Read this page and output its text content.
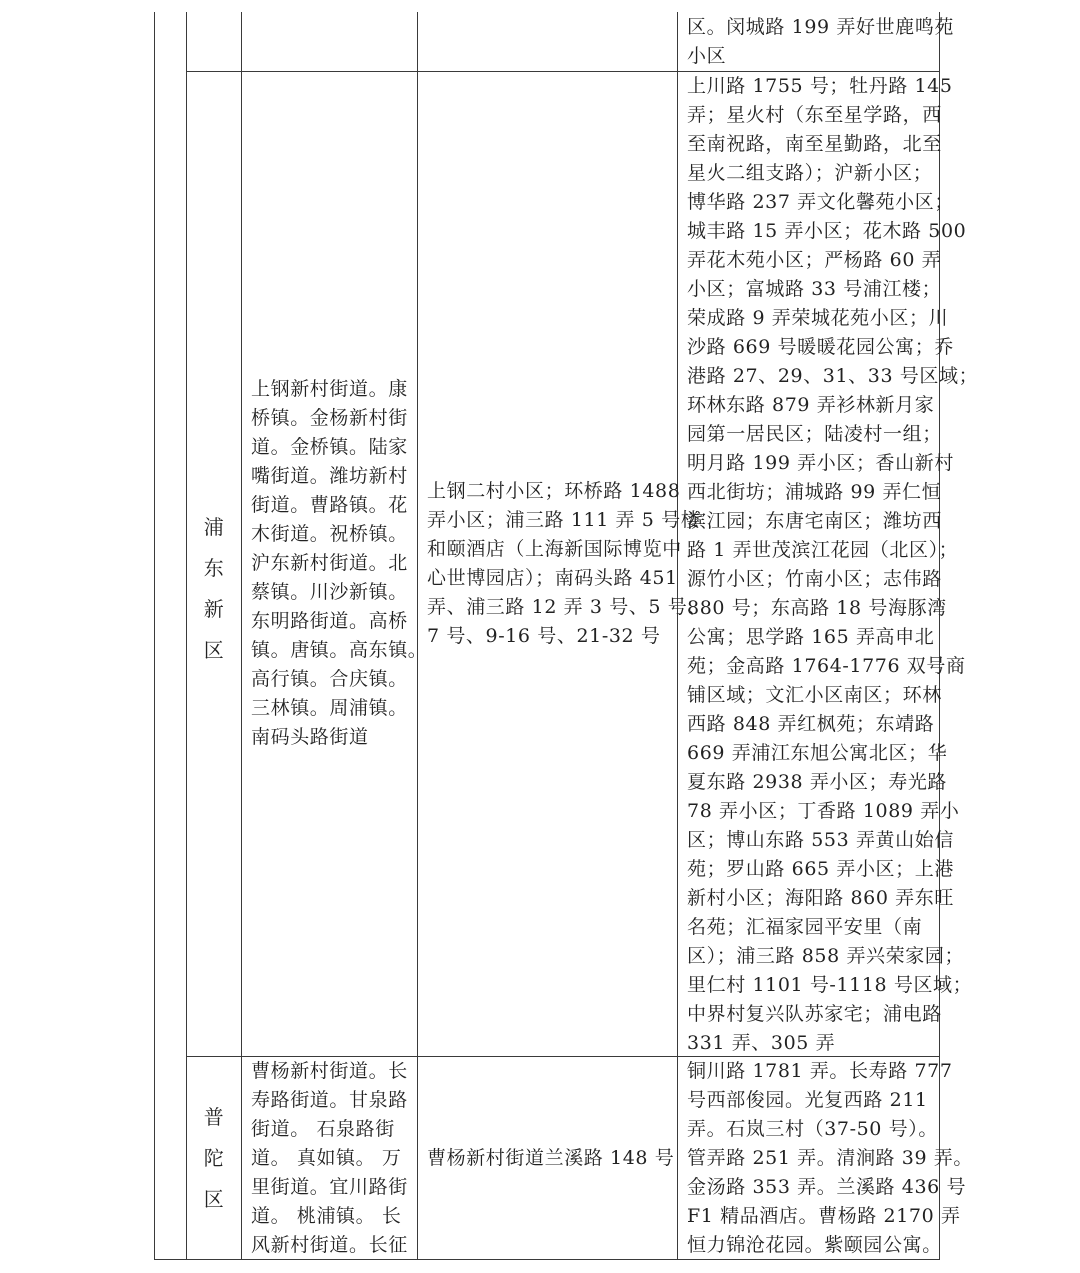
区。闵城路 199 弄好世鹿鸣苑
小区
浦
东
新
区
上钢新村街道。康
桥镇。金杨新村街
道。金桥镇。陆家
嘴街道。潍坊新村
街道。曹路镇。花
木街道。祝桥镇。
沪东新村街道。北
蔡镇。川沙新镇。
东明路街道。高桥
镇。唐镇。高东镇。
高行镇。合庆镇。
三林镇。周浦镇。
南码头路街道
上钢二村小区；环桥路 1488
弄小区；浦三路 111 弄 5 号楼
和颐酒店（上海新国际博览中
心世博园店）；南码头路 451
弄、浦三路 12 弄 3 号、5 号、
7 号、9-16 号、21-32 号
上川路 1755 号；牡丹路 145
弄；星火村（东至星学路，西
至南祝路，南至星勤路，北至
星火二组支路）；沪新小区；
博华路 237 弄文化馨苑小区；
城丰路 15 弄小区；花木路 500
弄花木苑小区；严杨路 60 弄
小区；富城路 33 号浦江楼；
荣成路 9 弄荣城花苑小区；川
沙路 669 号暖暖花园公寓；乔
港路 27、29、31、33 号区域；
环林东路 879 弄衫林新月家
园第一居民区；陆凌村一组；
明月路 199 弄小区；香山新村
西北街坊；浦城路 99 弄仁恒
滨江园；东唐宅南区；潍坊西
路 1 弄世茂滨江花园（北区）；
源竹小区；竹南小区；志伟路
880 号；东高路 18 号海豚湾
公寓；思学路 165 弄高申北
苑；金高路 1764-1776 双号商
铺区域；文汇小区南区；环林
西路 848 弄红枫苑；东靖路
669 弄浦江东旭公寓北区；华
夏东路 2938 弄小区；寿光路
78 弄小区；丁香路 1089 弄小
区；博山东路 553 弄黄山始信
苑；罗山路 665 弄小区；上港
新村小区；海阳路 860 弄东旺
名苑；汇福家园平安里（南
区）；浦三路 858 弄兴荣家园；
里仁村 1101 号-1118 号区域；
中界村复兴队苏家宅；浦电路
331 弄、305 弄
普
陀
区
曹杨新村街道。长
寿路街道。甘泉路
街道。 石泉路街
道。 真如镇。 万
里街道。宜川路街
道。 桃浦镇。 长
风新村街道。长征
曹杨新村街道兰溪路 148 号
铜川路 1781 弄。长寿路 777
号西部俊园。光复西路 211
弄。石岚三村（37-50 号）。
管弄路 251 弄。清涧路 39 弄。
金汤路 353 弄。兰溪路 436 号
F1 精品酒店。曹杨路 2170 弄
恒力锦沧花园。紫颐园公寓。
